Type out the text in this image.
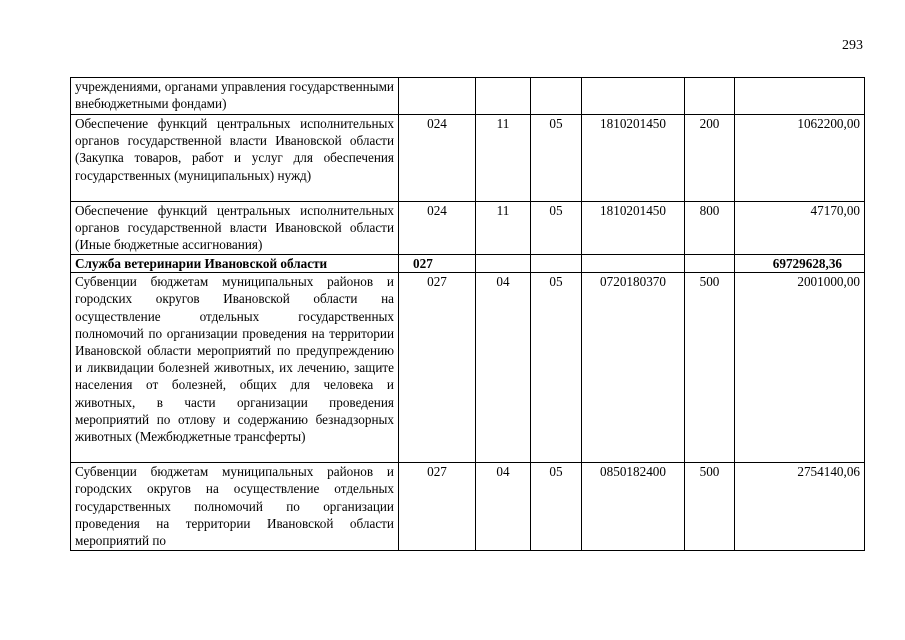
293
учреждениями, органами управления государственными внебюджетными фондами)						
Обеспечение функций центральных исполнительных органов государственной власти Ивановской области (Закупка товаров, работ и услуг для обеспечения государственных (муниципальных) нужд)	024	11	05	1810201450	200	1062200,00
Обеспечение функций центральных исполнительных органов государственной власти Ивановской области (Иные бюджетные ассигнования)	024	11	05	1810201450	800	47170,00
Служба ветеринарии Ивановской области	027					69729628,36
Субвенции бюджетам муниципальных районов и городских округов Ивановской области на осуществление отдельных государственных полномочий по организации проведения на территории Ивановской области мероприятий по предупреждению и ликвидации болезней животных, их лечению, защите населения от болезней, общих для человека и животных, в части организации проведения мероприятий по отлову и содержанию безнадзорных животных (Межбюджетные трансферты)	027	04	05	0720180370	500	2001000,00
Субвенции бюджетам муниципальных районов и городских округов на осуществление отдельных государственных полномочий по организации проведения на территории Ивановской области мероприятий по	027	04	05	0850182400	500	2754140,06
